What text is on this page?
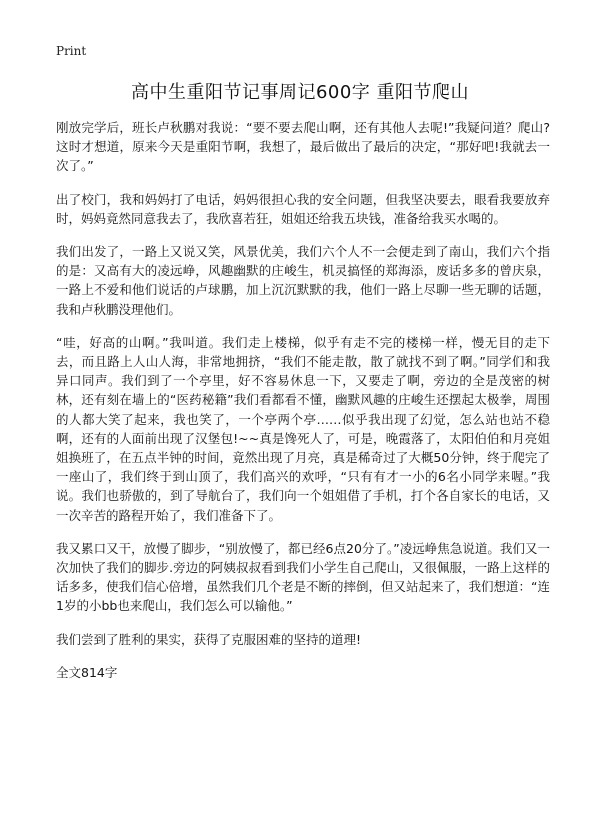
Print
高中生重阳节记事周记600字 重阳节爬山

刚放完学后，班长卢秋鹏对我说：“要不要去爬山啊，还有其他人去呢!”我疑问道？爬山?这时才想道，原来今天是重阳节啊，我想了，最后做出了最后的决定，“那好吧!我就去一次了。”

出了校门，我和妈妈打了电话，妈妈很担心我的安全问题，但我坚决要去，眼看我要放弃时，妈妈竟然同意我去了，我欣喜若狂，姐姐还给我五块钱，准备给我买水喝的。

我们出发了，一路上又说又笑，风景优美，我们六个人不一会便走到了南山，我们六个指的是：又高有大的凌远峥，风趣幽默的庄峻生，机灵搞怪的郑海添，废话多多的曾庆泉，一路上不爱和他们说话的卢球鹏，加上沉沉默默的我，他们一路上尽聊一些无聊的话题，我和卢秋鹏没理他们。

“哇，好高的山啊。”我叫道。我们走上楼梯，似乎有走不完的楼梯一样，慢无目的走下去，而且路上人山人海，非常地拥挤，“我们不能走散，散了就找不到了啊。”同学们和我异口同声。我们到了一个亭里，好不容易休息一下，又要走了啊，旁边的全是茂密的树林，还有刻在墙上的“医药秘籍”我们看都看不懂，幽默风趣的庄峻生还摆起太极拳，周围的人都大笑了起来，我也笑了，一个亭两个亭……似乎我出现了幻觉，怎么站也站不稳啊，还有的人面前出现了汉堡包!~~真是馋死人了，可是，晚霞落了，太阳伯伯和月亮姐姐换班了，在五点半钟的时间，竟然出现了月亮，真是稀奇过了大概50分钟，终于爬完了一座山了，我们终于到山顶了，我们高兴的欢呼，“只有有才一小的6名小同学来喔。”我说。我们也骄傲的，到了导航台了，我们向一个姐姐借了手机，打个各自家长的电话，又一次辛苦的路程开始了，我们准备下了。

我又累口又干，放慢了脚步，“别放慢了，都已经6点20分了。”凌远峥焦急说道。我们又一次加快了我们的脚步.旁边的阿姨叔叔看到我们小学生自己爬山，又很佩服，一路上这样的话多多，使我们信心倍增，虽然我们几个老是不断的摔倒，但又站起来了，我们想道：“连1岁的小bb也来爬山，我们怎么可以输他。”

我们尝到了胜利的果实，获得了克服困难的坚持的道理!

全文814字
